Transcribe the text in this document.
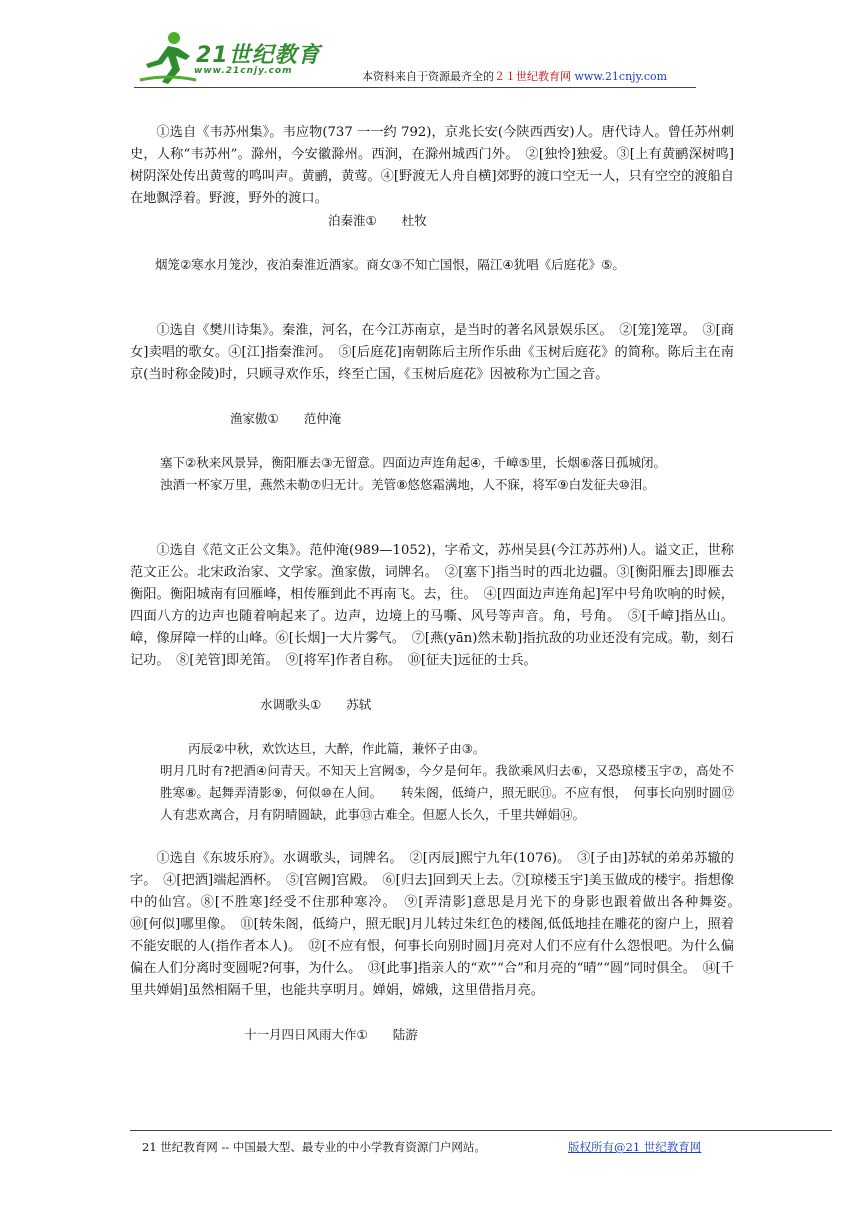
21世纪教育
www.21cnjy.com	本资料来自于资源最齐全的２１世纪教育网 www.21cnjy.com

①选自《韦苏州集》。韦应物(737 一一约 792)，京兆长安(今陕西西安)人。唐代诗人。曾任苏州刺史，人称“韦苏州”。滁州，今安徽滁州。西涧，在滁州城西门外。　②[独怜]独爱。③[上有黄鹂深树鸣]树阴深处传出黄莺的鸣叫声。黄鹂，黄莺。④[野渡无人舟自横]郊野的渡口空无一人，只有空空的渡船自在地飘浮着。野渡，野外的渡口。

泊秦淮①　　杜牧

烟笼②寒水月笼沙，夜泊秦淮近酒家。商女③不知亡国恨，隔江④犹唱《后庭花》⑤。

①选自《樊川诗集》。秦淮，河名，在今江苏南京，是当时的著名风景娱乐区。　②[笼]笼罩。　③[商女]卖唱的歌女。④[江]指秦淮河。　⑤[后庭花]南朝陈后主所作乐曲《玉树后庭花》的简称。陈后主在南京(当时称金陵)时，只顾寻欢作乐，终至亡国，《玉树后庭花》因被称为亡国之音。

渔家傲①　　范仲淹

塞下②秋来风景异，衡阳雁去③无留意。四面边声连角起④，千嶂⑤里，长烟⑥落日孤城闭。

浊酒一杯家万里，燕然未勒⑦归无计。羌管⑧悠悠霜满地，人不寐，将军⑨白发征夫⑩泪。

①选自《范文正公文集》。范仲淹(989—1052)，字希文，苏州吴县(今江苏苏州)人。谥文正，世称范文正公。北宋政治家、文学家。渔家傲，词牌名。　②[塞下]指当时的西北边疆。③[衡阳雁去]即雁去衡阳。衡阳城南有回雁峰，相传雁到此不再南飞。去，往。　④[四面边声连角起]军中号角吹响的时候，四面八方的边声也随着响起来了。边声，边境上的马嘶、风号等声音。角，号角。　⑤[千嶂]指丛山。嶂，像屏障一样的山峰。⑥[长烟]一大片雾气。　⑦[燕(yān)然未勒]指抗敌的功业还没有完成。勒，刻石记功。　⑧[羌管]即羌笛。　⑨[将军]作者自称。　⑩[征夫]远征的士兵。

水调歌头①　　苏轼

丙辰②中秋，欢饮达旦，大醉，作此篇，兼怀子由③。

明月几时有?把酒④问青天。不知天上宫阙⑤，今夕是何年。我欲乘风归去⑥，又恐琼楼玉宇⑦，高处不胜寒⑧。起舞弄清影⑨，何似⑩在人间。　　转朱阁，低绮户，照无眠⑪。不应有恨，　何事长向别时圆⑫人有悲欢离合，月有阴晴圆缺，此事⑬古难全。但愿人长久，千里共婵娟⑭。

①选自《东坡乐府》。水调歌头，词牌名。　②[丙辰]熙宁九年(1076)。　③[子由]苏轼的弟弟苏辙的字。　④[把酒]端起酒杯。　⑤[宫阙]宫殿。　⑥[归去]回到天上去。⑦[琼楼玉宇]美玉做成的楼宇。指想像中的仙宫。⑧[不胜寒]经受不住那种寒冷。　⑨[弄清影]意思是月光下的身影也跟着做出各种舞姿。　⑩[何似]哪里像。　⑪[转朱阁，低绮户，照无眠]月儿转过朱红色的楼阁,低低地挂在雕花的窗户上，照着不能安眠的人(指作者本人)。　⑫[不应有恨，何事长向别时圆]月亮对人们不应有什么怨恨吧。为什么偏偏在人们分离时变圆呢?何事，为什么。　⑬[此事]指亲人的“欢”“合”和月亮的“晴”“圆”同时俱全。　⑭[千里共婵娟]虽然相隔千里，也能共享明月。婵娟，嫦娥，这里借指月亮。

十一月四日风雨大作①　　陆游

21 世纪教育网 -- 中国最大型、最专业的中小学教育资源门户网站。	版权所有@21 世纪教育网
